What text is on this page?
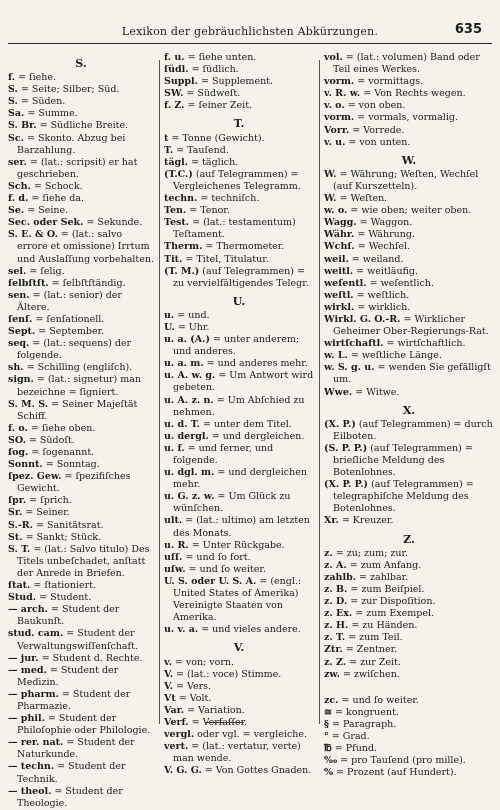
Lexikon der gebräuchlichsten Abkürzungen.	635
S.
f. = ſiehe.
S. = Seite; Silber; Süd.
S. = Süden.
Sa. = Summe.
S. Br. = Südliche Breite.
Sc. = Skonto. Abzug bei Barzahlung.
ser. = (lat.: scripsit) er hat geschrieben.
Sch. = Schock.
f. d. = ſiehe da.
Se. = Seine.
Sec. oder Sek. = Sekunde.
S. E. & O. = (lat.: salvo errore et omissione) Irrtum und Auslaſſung vorbehalten.
sel. = ſelig.
ſelbſtſt. = ſelbſtſtändig.
sen. = (lat.: senior) der Ältere.
ſenſ. = ſenſationell.
Sept. = September.
seq. = (lat.: sequens) der folgende.
sh. = Schilling (engliſch).
sign. = (lat.: signetur) man bezeichne = ſigniert.
S. M. S. = Seiner Majeſtät Schiff.
f. o. = ſiehe oben.
SO. = Südoſt.
ſog. = ſogenannt.
Sonnt. = Sonntag.
ſpez. Gew. = ſpezifiſches Gewicht.
ſpr. = ſprich.
Sr. = Seiner.
S.-R. = Sanitätsrat.
St. = Sankt; Stück.
S. T. = (lat.: Salvo titulo) Des Titels unbeſchadet, anſtatt der Anrede in Briefen.
ſtat. = ſtationiert.
Stud. = Student.
— arch. = Student der Baukunſt.
stud. cam. = Student der Verwaltungswiſſenſchaft.
— jur. = Student d. Rechte.
— med. = Student der Medizin.
— pharm. = Student der Pharmazie.
— phil. = Student der Philoſophie oder Philologie.
— rer. nat. = Student der Naturkunde.
— techn. = Student der Technik.
— theol. = Student der Theologie.
f. u. = ſiehe unten.
ſüdl. = ſüdlich.
Suppl. = Supplement.
SW. = Südweſt.
f. Z. = ſeiner Zeit.
T.
t = Tonne (Gewicht).
T. = Tauſend.
tägl. = täglich.
(T.C.) (auf Telegrammen) = Vergleichenes Telegramm.
techn. = techniſch.
Ten. = Tenor.
Test. = (lat.: testamentum) Teſtament.
Therm. = Thermometer.
Tit. = Titel, Titulatur.
(T. M.) (auf Telegrammen) = zu vervielfältigendes Telegr.
U.
u. = und.
U. = Uhr.
u. a. (A.) = unter anderem; und anderes.
u. a. m. = und anderes mehr.
u. A. w. g. = Um Antwort wird gebeten.
u. A. z. n. = Um Abſchied zu nehmen.
u. d. T. = unter dem Titel.
u. dergl. = und dergleichen.
u. f. = und ferner, und folgende.
u. dgl. m. = und dergleichen mehr.
u. G. z. w. = Um Glück zu wünſchen.
ult. = (lat.: ultimo) am letzten des Monats.
u. R. = Unter Rückgabe.
uſſ. = und ſo fort.
uſw. = und ſo weiter.
U. S. oder U. S. A. = (engl.: United States of Amerika) Vereinigte Staaten von Amerika.
u. v. a. = und vieles andere.
V.
v. = von; vorn.
V. = (lat.: voce) Stimme.
V. = Vers.
Vt = Volt.
Var. = Variation.
Verf. = Verfaſſer.
vergl. oder vgl. = vergleiche.
vert. = (lat.: vertatur, verte) man wende.
V. G. G. = Von Gottes Gnaden.
vol. = (lat.: volumen) Band oder Teil eines Werkes.
vorm. = vormittags.
v. R. w. = Von Rechts wegen.
v. o. = von oben.
vorm. = vormals, vormalig.
Vorr. = Vorrede.
v. u. = von unten.
W.
W. = Währung; Weſten, Wechſel (auf Kurszetteln).
W. = Weſten.
w. o. = wie oben; weiter oben.
Wagg. = Waggon.
Währ. = Währung.
Wchſ. = Wechſel.
weil. = weiland.
weitl. = weitläufig.
weſentl. = weſentlich.
weſtl. = weſtlich.
wirkl. = wirklich.
Wirkl. G. O.-R. = Wirklicher Geheimer Ober-Regierungs-Rat.
wirtſchaftl. = wirtſchaftlich.
w. L. = weſtliche Länge.
w. S. g. u. = wenden Sie gefälligſt um.
Wwe. = Witwe.
X.
(X. P.) (auf Telegrammen) = durch Eilboten.
(S. P. P.) (auf Telegrammen) = brieſliche Meldung des Botenlohnes.
(X. P. P.) (auf Telegrammen) = telegraphiſche Meldung des Botenlohnes.
Xr. = Kreuzer.
Z.
z. = zu; zum; zur.
z. A. = zum Anfang.
zahlb. = zahlbar.
z. B. = zum Beiſpiel.
z. D. = zur Dispoſition.
z. Ex. = zum Exempel.
z. H. = zu Händen.
z. T. = zum Teil.
Ztr. = Zentner.
z. Z. = zur Zeit.
zw. = zwiſchen.
zc. = und ſo weiter.
≅ = kongruent.
§ = Paragraph.
° = Grad.
℔ = Pfund.
‰ = pro Tauſend (pro mille).
% = Prozent (auf Hundert).
